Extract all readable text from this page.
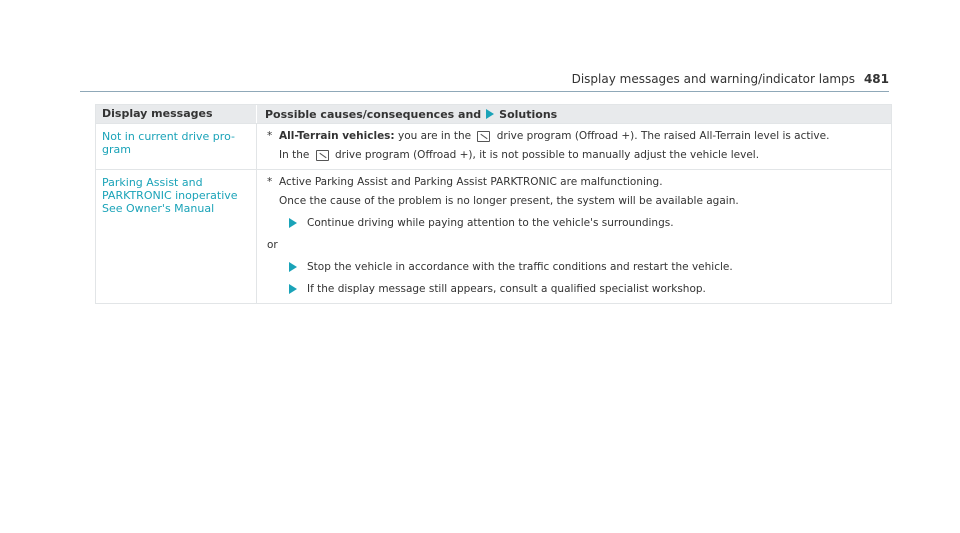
Display messages and warning/indicator lamps 481
Display messages	Possible causes/consequences and Solutions
Not in current drive pro-
gram
* All-Terrain vehicles: you are in the drive program (Offroad +). The raised All-Terrain level is active.
In the drive program (Offroad +), it is not possible to manually adjust the vehicle level.
Parking Assist and
PARKTRONIC inoperative
See Owner's Manual
* Active Parking Assist and Parking Assist PARKTRONIC are malfunctioning.
Once the cause of the problem is no longer present, the system will be available again.
Continue driving while paying attention to the vehicle's surroundings.
or
Stop the vehicle in accordance with the traffic conditions and restart the vehicle.
If the display message still appears, consult a qualified specialist workshop.
